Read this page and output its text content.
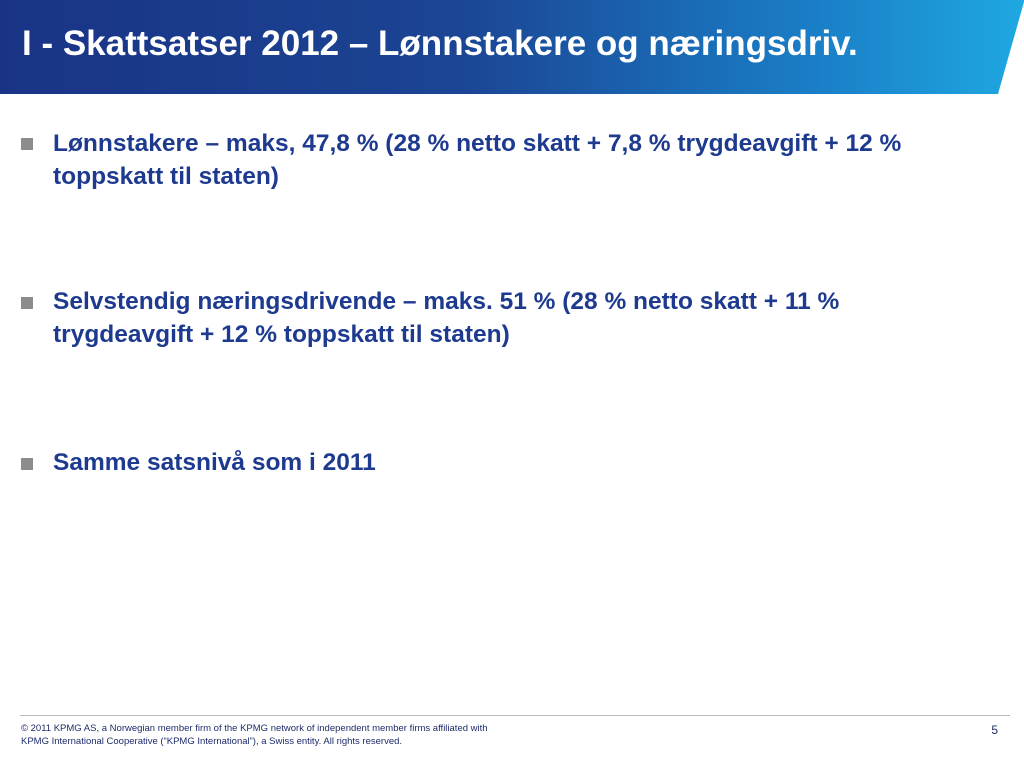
I - Skattsatser 2012 – Lønnstakere og næringsdriv.
Lønnstakere – maks, 47,8 % (28 % netto skatt + 7,8 % trygdeavgift + 12 % toppskatt til staten)
Selvstendig næringsdrivende – maks. 51 % (28 % netto skatt + 11 % trygdeavgift + 12 % toppskatt til staten)
Samme satsnivå som i 2011
© 2011 KPMG AS, a Norwegian member firm of the KPMG network of independent member firms affiliated with
KPMG International Cooperative (“KPMG International”), a Swiss entity. All rights reserved.
5
